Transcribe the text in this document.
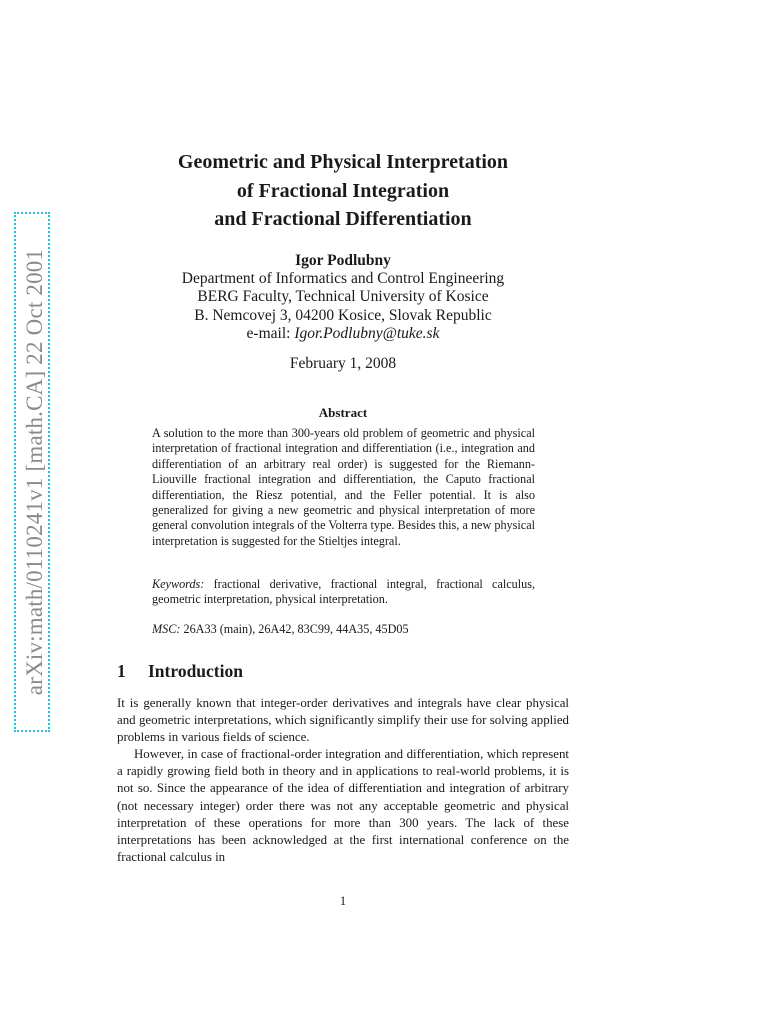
arXiv:math/0110241v1 [math.CA] 22 Oct 2001
Geometric and Physical Interpretation
of Fractional Integration
and Fractional Differentiation
Igor Podlubny
Department of Informatics and Control Engineering
BERG Faculty, Technical University of Kosice
B. Nemcovej 3, 04200 Kosice, Slovak Republic
e-mail: Igor.Podlubny@tuke.sk
February 1, 2008
Abstract
A solution to the more than 300-years old problem of geometric and physical interpretation of fractional integration and differentiation (i.e., integration and differentiation of an arbitrary real order) is suggested for the Riemann-Liouville fractional integration and differentiation, the Caputo fractional differentiation, the Riesz potential, and the Feller potential. It is also generalized for giving a new geometric and physical interpretation of more general convolution integrals of the Volterra type. Besides this, a new physical interpretation is suggested for the Stieltjes integral.
Keywords: fractional derivative, fractional integral, fractional calculus, geometric interpretation, physical interpretation.
MSC: 26A33 (main), 26A42, 83C99, 44A35, 45D05
1 Introduction

It is generally known that integer-order derivatives and integrals have clear physical and geometric interpretations, which significantly simplify their use for solving applied problems in various fields of science.

However, in case of fractional-order integration and differentiation, which represent a rapidly growing field both in theory and in applications to real-world problems, it is not so. Since the appearance of the idea of differentiation and integration of arbitrary (not necessary integer) order there was not any acceptable geometric and physical interpretation of these operations for more than 300 years. The lack of these interpretations has been acknowledged at the first international conference on the fractional calculus in

1
